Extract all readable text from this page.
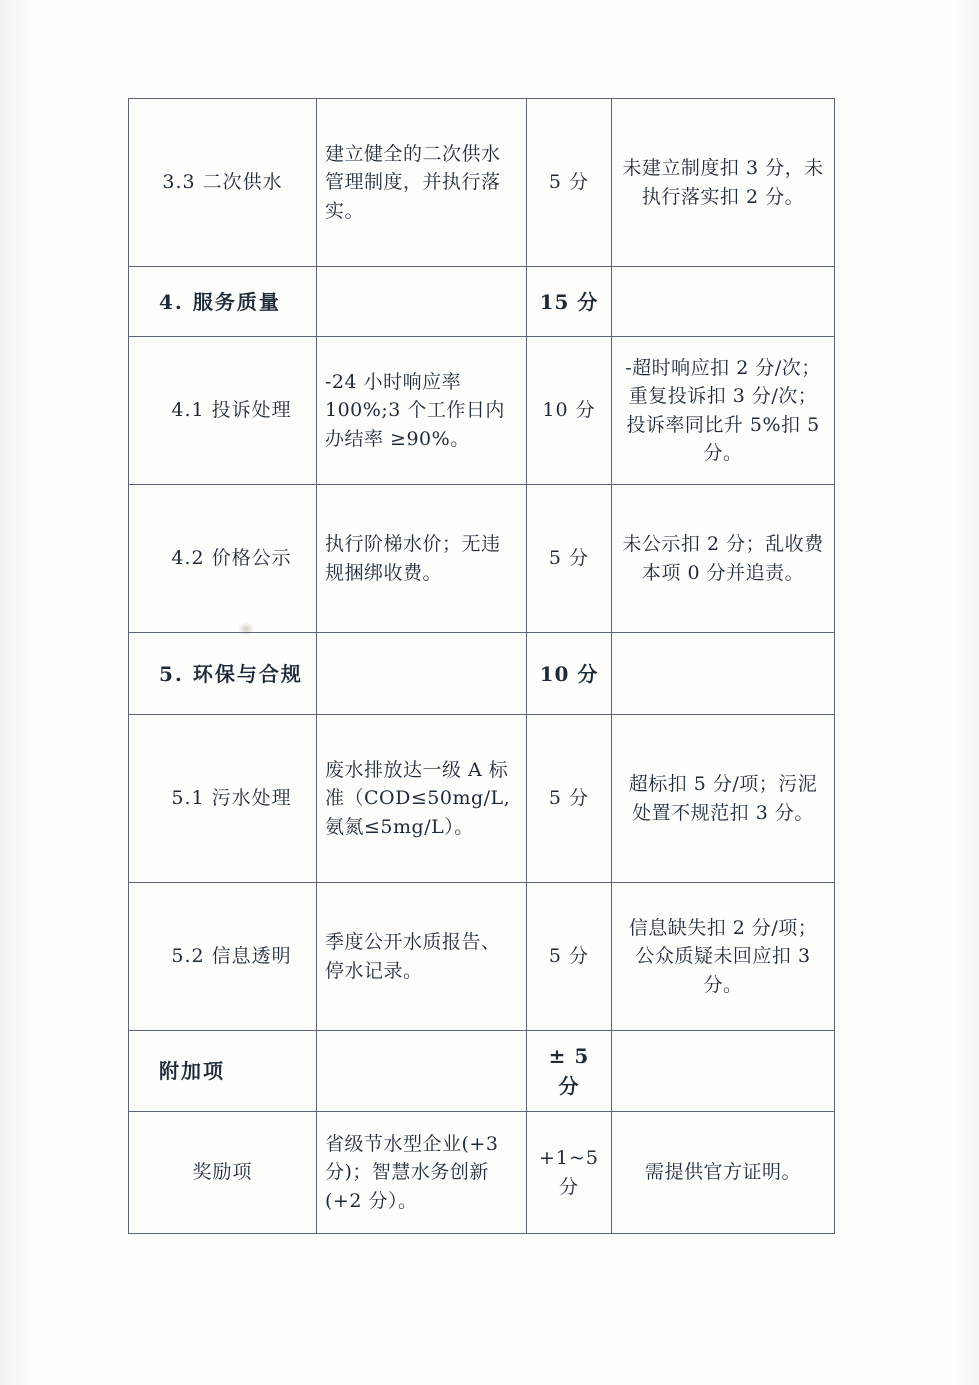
3.3 二次供水	建立健全的二次供水管理制度，并执行落实。	5 分	未建立制度扣 3 分，未执行落实扣 2 分。
4. 服务质量		15 分	
4.1 投诉处理	-24 小时响应率 100%;3 个工作日内办结率 ≥90%。	10 分	-超时响应扣 2 分/次；重复投诉扣 3 分/次；投诉率同比升 5%扣 5 分。
4.2 价格公示	执行阶梯水价；无违规捆绑收费。	5 分	未公示扣 2 分；乱收费本项 0 分并追责。
5. 环保与合规		10 分	
5.1 污水处理	废水排放达一级 A 标准（COD≤50mg/L,氨氮≤5mg/L）。	5 分	超标扣 5 分/项；污泥处置不规范扣 3 分。
5.2 信息透明	季度公开水质报告、停水记录。	5 分	信息缺失扣 2 分/项；公众质疑未回应扣 3 分。
附加项		± 5 分	
奖励项	省级节水型企业(+3 分)；智慧水务创新(+2 分）。	+1~5 分	需提供官方证明。
